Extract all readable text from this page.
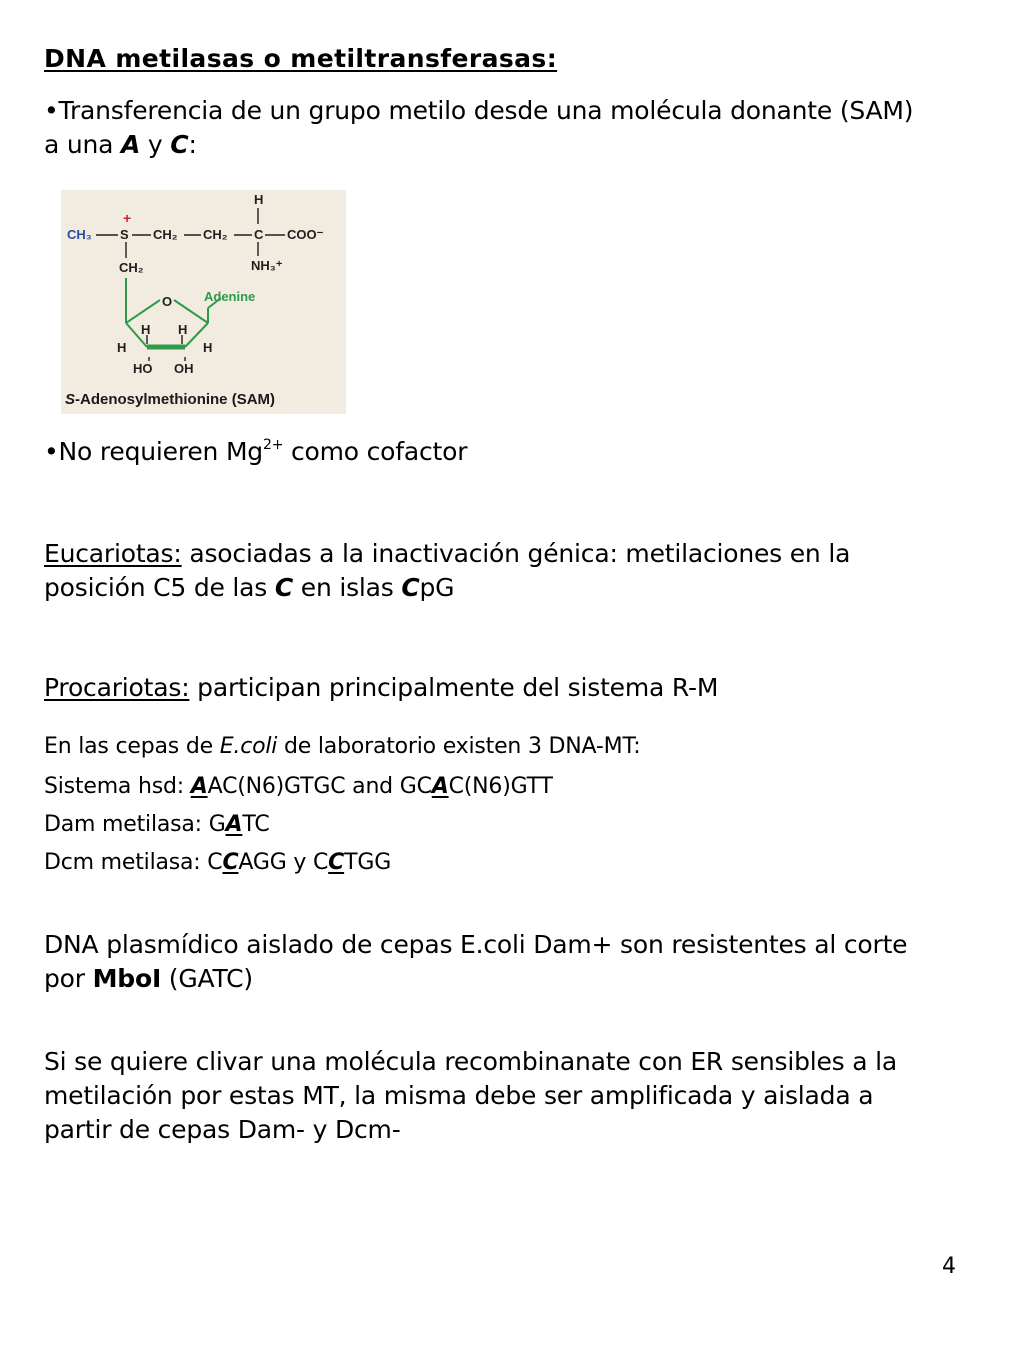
DNA metilasas o metiltransferasas:
•Transferencia de un grupo metilo desde una molécula donante (SAM) a una A y C:
CH₃
+
S CH₂ CH₂
H
C COO⁻
NH₃⁺
CH₂
O Adenine
H H
H	H
HO OH
S-Adenosylmethionine (SAM)
•No requieren $Mg^{2+}$ como cofactor
Eucariotas: asociadas a la inactivación génica: metilaciones en la posición C5 de las C en islas CpG
Procariotas: participan principalmente del sistema R-M
En las cepas de E.coli de laboratorio existen 3 DNA-MT:
Sistema hsd: AAC(N6)GTGC and GCAC(N6)GTT
Dam metilasa: GATC
Dcm metilasa: CCAGG y CCTGG
DNA plasmídico aislado de cepas E.coli Dam+ son resistentes al corte por MboI (GATC)
Si se quiere clivar una molécula recombinanate con ER sensibles a la metilación por estas MT, la misma debe ser amplificada y aislada a partir de cepas Dam- y Dcm-
4
